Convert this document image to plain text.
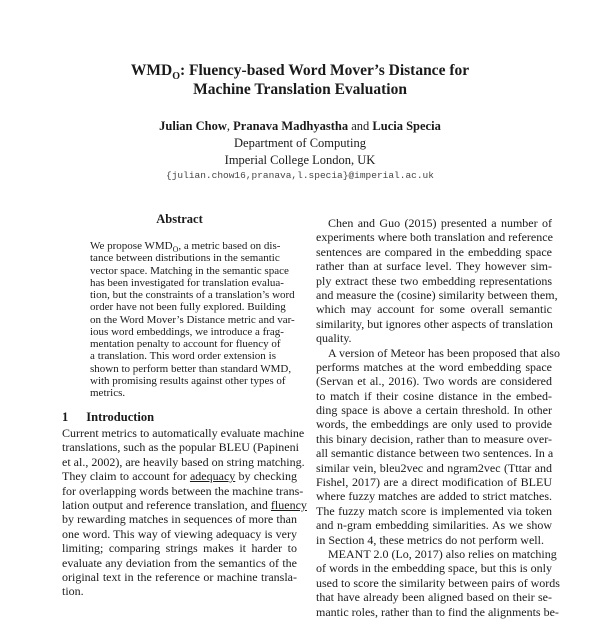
$WMD_O$: Fluency-based Word Mover’s Distance for
Machine Translation Evaluation
Julian Chow, Pranava Madhyastha and Lucia Specia
Department of Computing
Imperial College London, UK
{julian.chow16,pranava,l.specia}@imperial.ac.uk
Abstract
We propose $WMD_O$, a metric based on dis-
tance between distributions in the semantic
vector space. Matching in the semantic space
has been investigated for translation evalua-
tion, but the constraints of a translation’s word
order have not been fully explored. Building
on the Word Mover’s Distance metric and var-
ious word embeddings, we introduce a frag-
mentation penalty to account for fluency of
a translation. This word order extension is
shown to perform better than standard WMD,
with promising results against other types of
metrics.
1 Introduction
Current metrics to automatically evaluate machine
translations, such as the popular BLEU (Papineni
et al., 2002), are heavily based on string matching.
They claim to account for adequacy by checking
for overlapping words between the machine trans-
lation output and reference translation, and fluency
by rewarding matches in sequences of more than
one word. This way of viewing adequacy is very
limiting; comparing strings makes it harder to
evaluate any deviation from the semantics of the
original text in the reference or machine transla-
tion.
Chen and Guo (2015) presented a number of
experiments where both translation and reference
sentences are compared in the embedding space
rather than at surface level. They however sim-
ply extract these two embedding representations
and measure the (cosine) similarity between them,
which may account for some overall semantic
similarity, but ignores other aspects of translation
quality.
A version of Meteor has been proposed that also
performs matches at the word embedding space
(Servan et al., 2016). Two words are considered
to match if their cosine distance in the embed-
ding space is above a certain threshold. In other
words, the embeddings are only used to provide
this binary decision, rather than to measure over-
all semantic distance between two sentences. In a
similar vein, bleu2vec and ngram2vec (Tttar and
Fishel, 2017) are a direct modification of BLEU
where fuzzy matches are added to strict matches.
The fuzzy match score is implemented via token
and n-gram embedding similarities. As we show
in Section 4, these metrics do not perform well.
MEANT 2.0 (Lo, 2017) also relies on matching
of words in the embedding space, but this is only
used to score the similarity between pairs of words
that have already been aligned based on their se-
mantic roles, rather than to find the alignments be-
